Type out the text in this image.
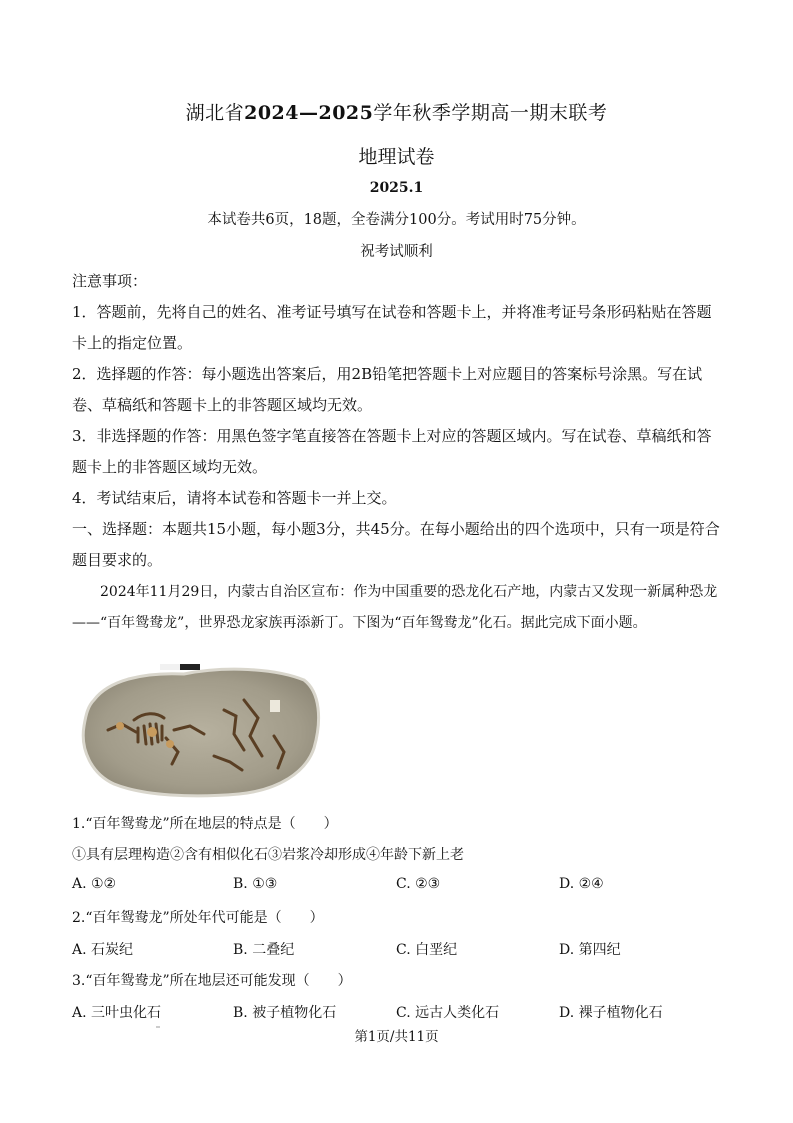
湖北省2024—2025学年秋季学期高一期末联考
地理试卷
2025.1
本试卷共6页，18题，全卷满分100分。考试用时75分钟。
祝考试顺利
注意事项：
1．答题前，先将自己的姓名、准考证号填写在试卷和答题卡上，并将准考证号条形码粘贴在答题卡上的指定位置。
2．选择题的作答：每小题选出答案后，用2B铅笔把答题卡上对应题目的答案标号涂黑。写在试卷、草稿纸和答题卡上的非答题区域均无效。
3．非选择题的作答：用黑色签字笔直接答在答题卡上对应的答题区域内。写在试卷、草稿纸和答题卡上的非答题区域均无效。
4．考试结束后，请将本试卷和答题卡一并上交。
一、选择题：本题共15小题，每小题3分，共45分。在每小题给出的四个选项中，只有一项是符合题目要求的。
2024年11月29日，内蒙古自治区宣布：作为中国重要的恐龙化石产地，内蒙古又发现一新属种恐龙——“百年鸳鸯龙”，世界恐龙家族再添新丁。下图为“百年鸳鸯龙”化石。据此完成下面小题。
1.“百年鸳鸯龙”所在地层的特点是（　　）
①具有层理构造②含有相似化石③岩浆冷却形成④年龄下新上老
A. ①②	B. ①③	C. ②③	D. ②④
2.“百年鸳鸯龙”所处年代可能是（　　）
A. 石炭纪	B. 二叠纪	C. 白垩纪	D. 第四纪
3.“百年鸳鸯龙”所在地层还可能发现（　　）
A. 三叶虫化石	B. 被子植物化石	C. 远古人类化石	D. 裸子植物化石
第1页/共11页
